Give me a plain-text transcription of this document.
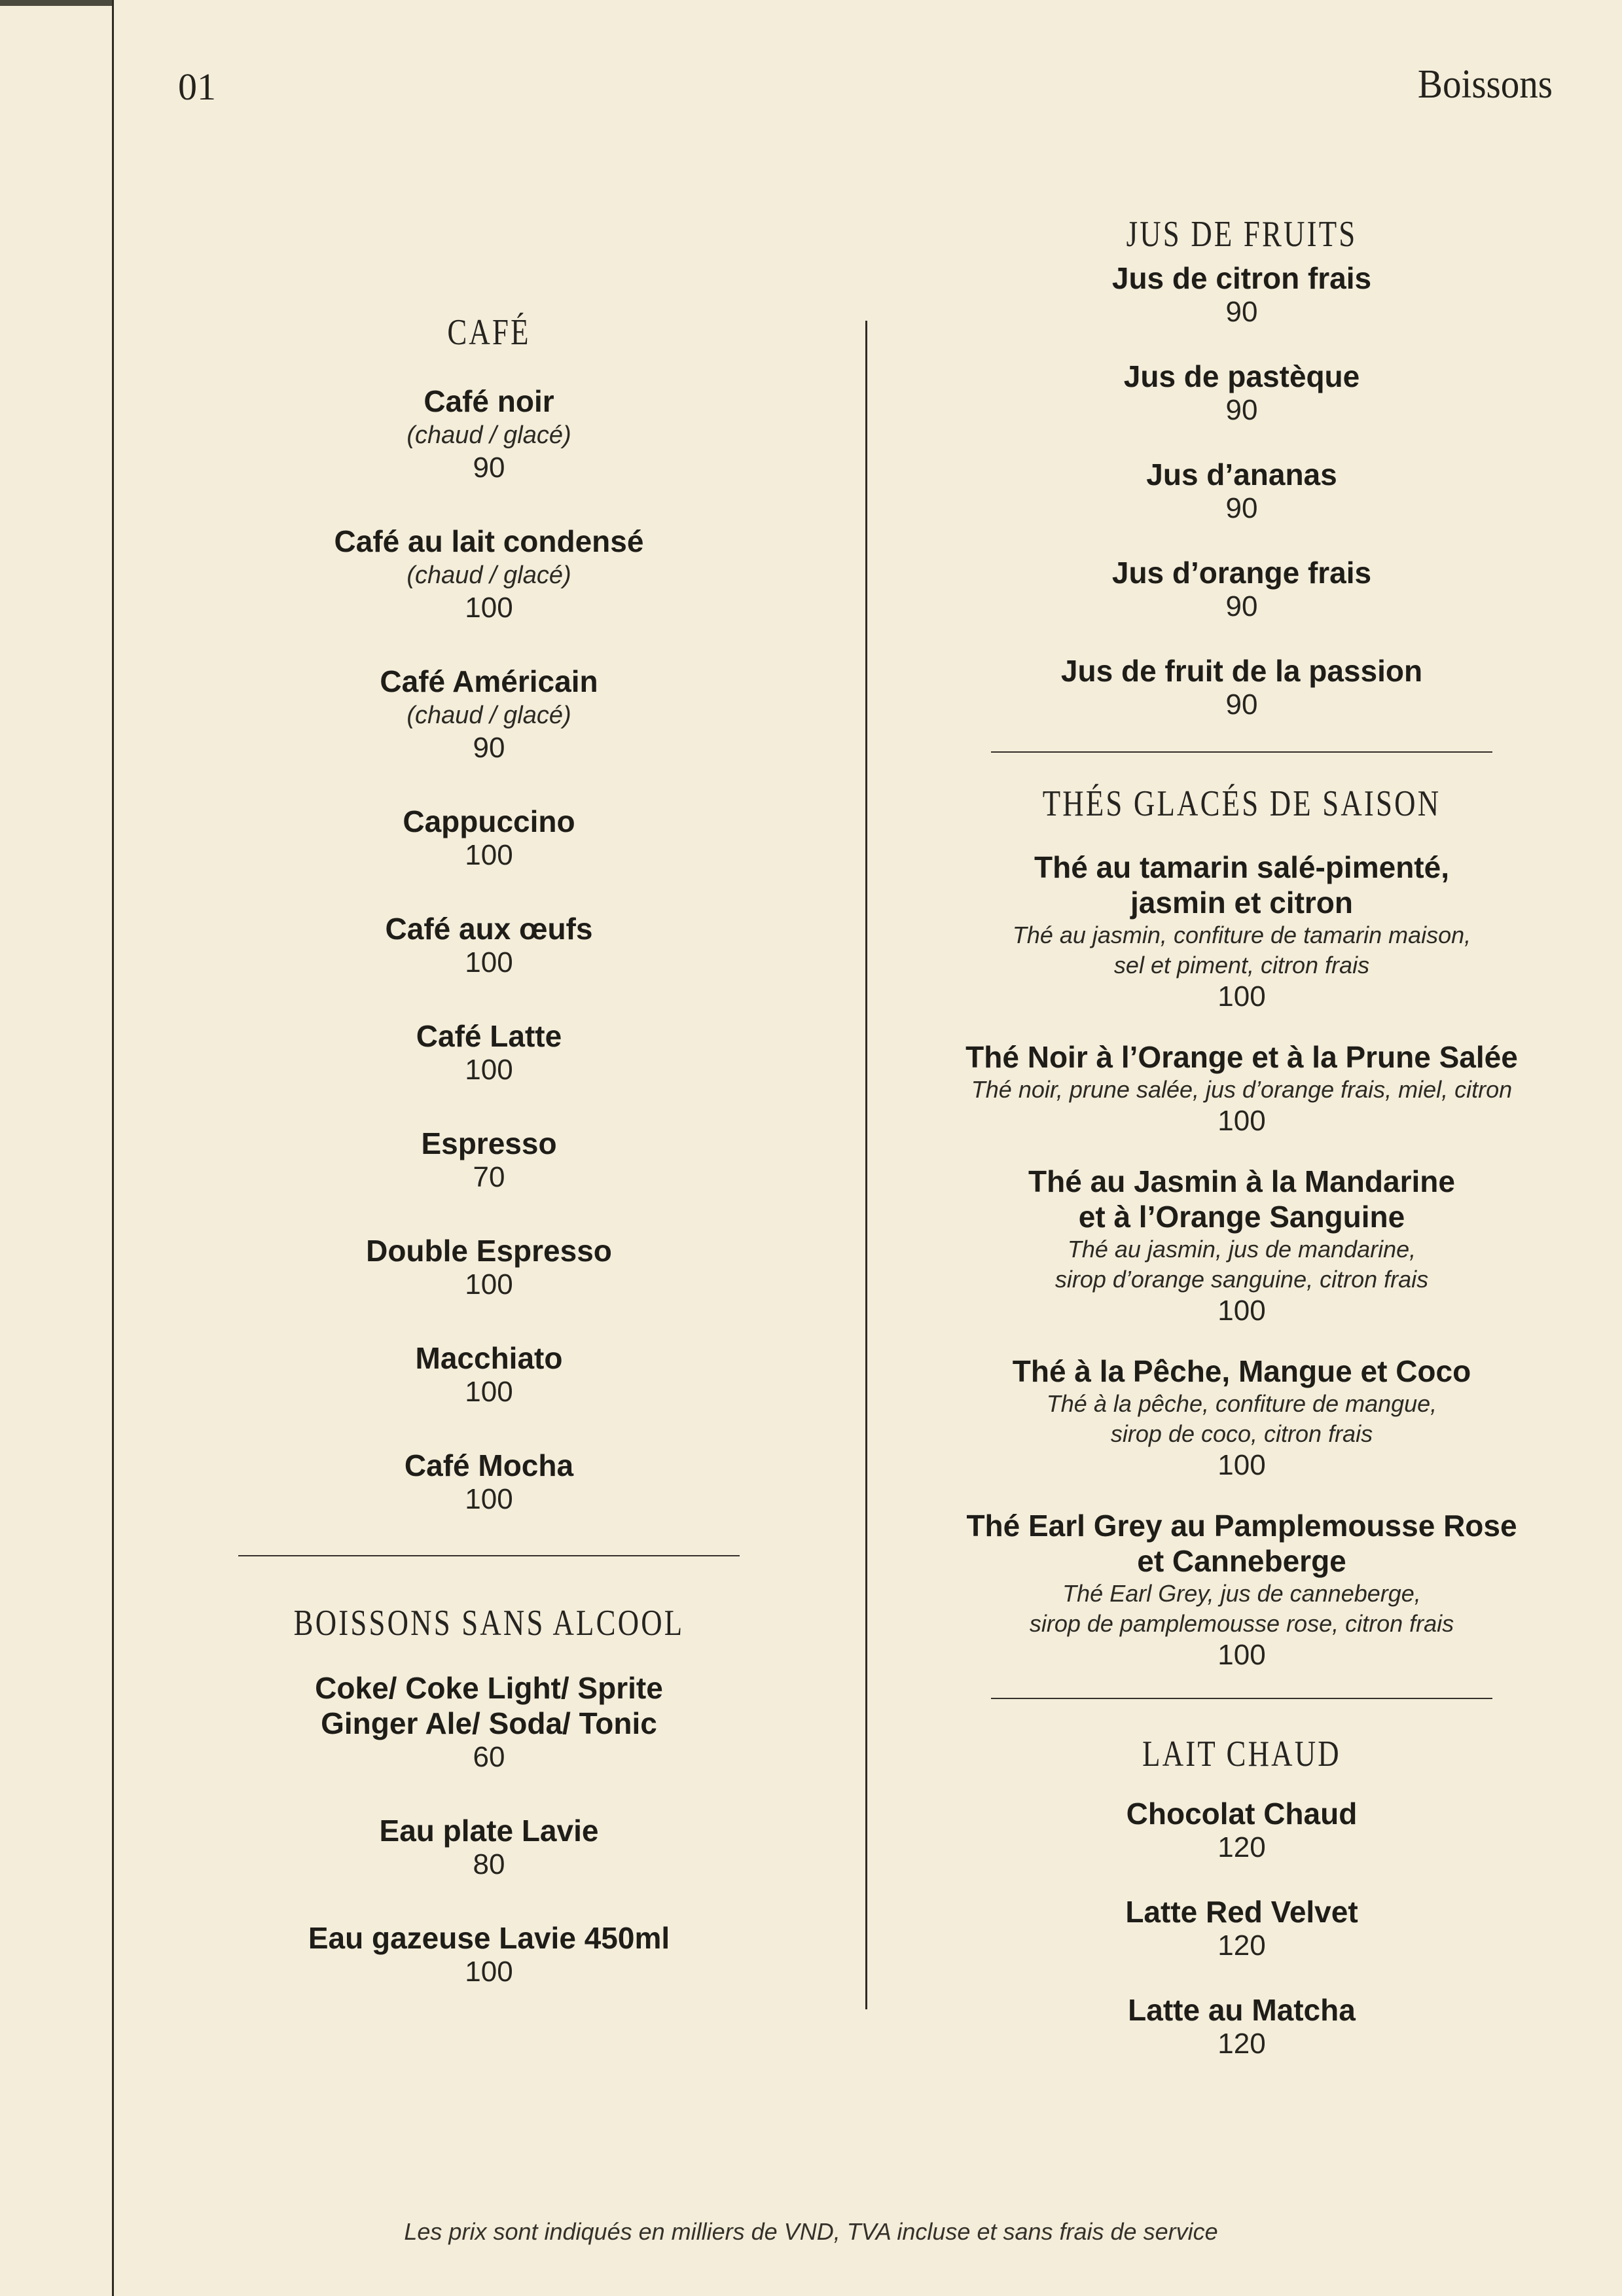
01	Boissons
CAFÉ
Café noir
(chaud / glacé)
90
Café au lait condensé
(chaud / glacé)
100
Café Américain
(chaud / glacé)
90
Cappuccino
100
Café aux œufs
100
Café Latte
100
Espresso
70
Double Espresso
100
Macchiato
100
Café Mocha
100
BOISSONS SANS ALCOOL
Coke/ Coke Light/ Sprite
Ginger Ale/ Soda/ Tonic
60
Eau plate Lavie
80
Eau gazeuse Lavie 450ml
100
JUS DE FRUITS
Jus de citron frais
90
Jus de pastèque
90
Jus d’ananas
90
Jus d’orange frais
90
Jus de fruit de la passion
90
THÉS GLACÉS DE SAISON
Thé au tamarin salé-pimenté,
jasmin et citron
Thé au jasmin, confiture de tamarin maison,
sel et piment, citron frais
100
Thé Noir à l’Orange et à la Prune Salée
Thé noir, prune salée, jus d’orange frais, miel, citron
100
Thé au Jasmin à la Mandarine
et à l’Orange Sanguine
Thé au jasmin, jus de mandarine,
sirop d’orange sanguine, citron frais
100
Thé à la Pêche, Mangue et Coco
Thé à la pêche, confiture de mangue,
sirop de coco, citron frais
100
Thé Earl Grey au Pamplemousse Rose
et Canneberge
Thé Earl Grey, jus de canneberge,
sirop de pamplemousse rose, citron frais
100
LAIT CHAUD
Chocolat Chaud
120
Latte Red Velvet
120
Latte au Matcha
120
Les prix sont indiqués en milliers de VND, TVA incluse et sans frais de service
